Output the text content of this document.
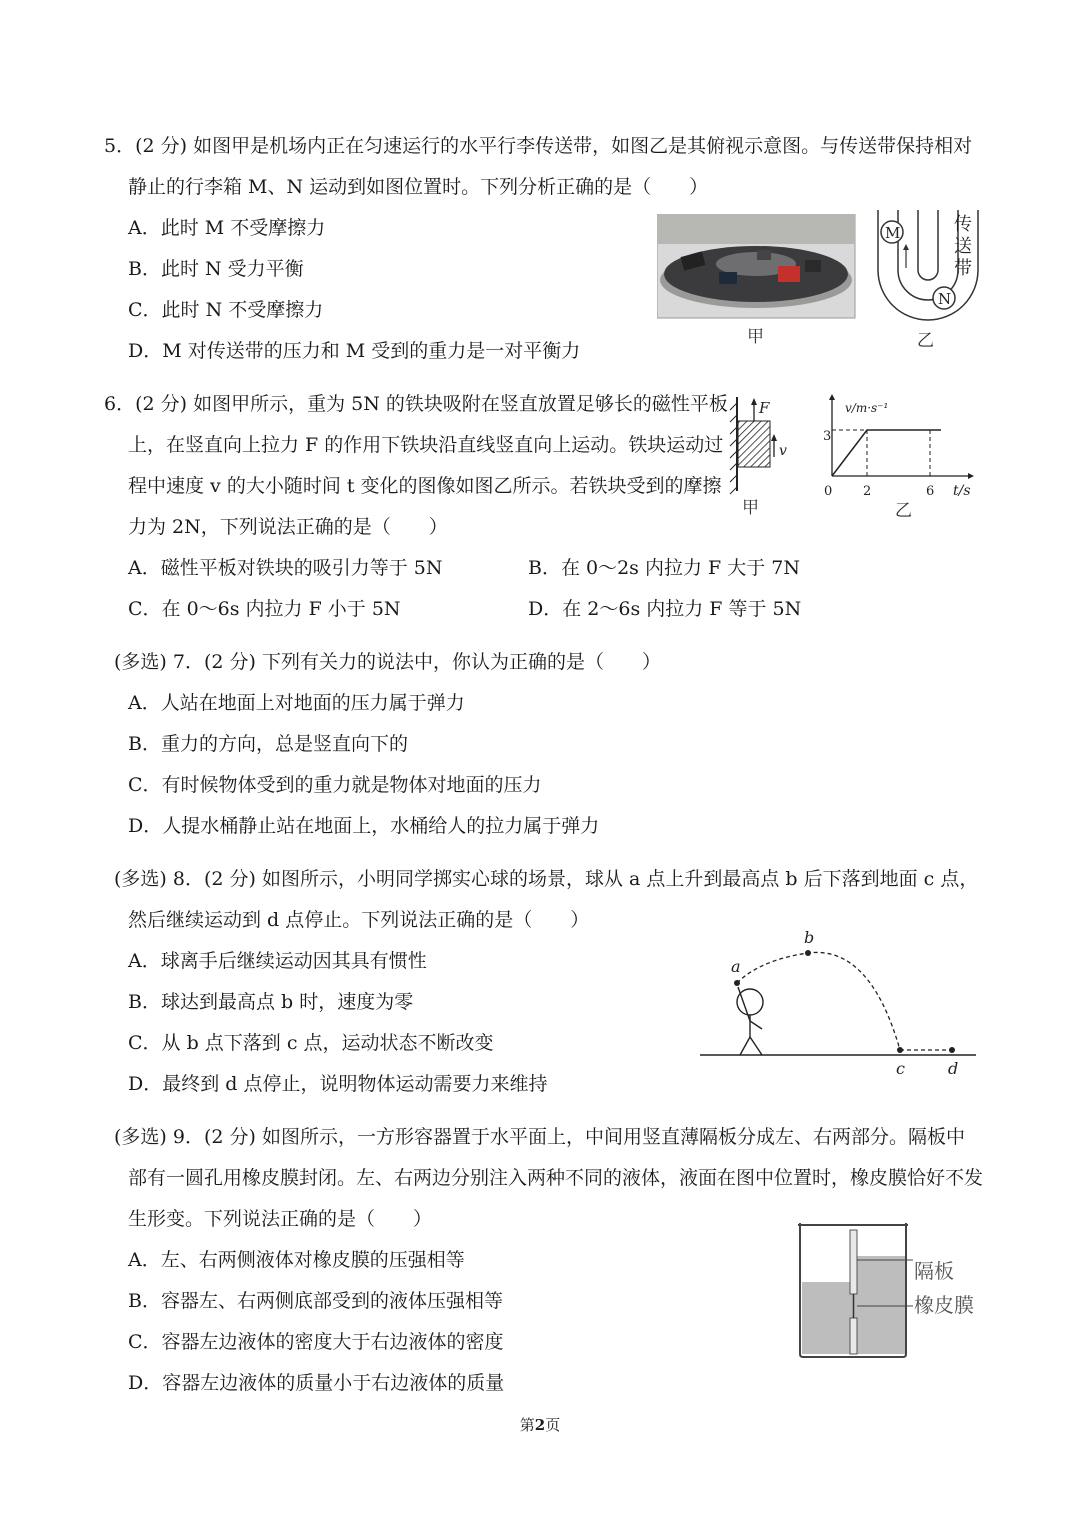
5．(2 分) 如图甲是机场内正在匀速运行的水平行李传送带，如图乙是其俯视示意图。与传送带保持相对
静止的行李箱 M、N 运动到如图位置时。下列分析正确的是（　　）
A．此时 M 不受摩擦力
B．此时 N 受力平衡
C．此时 N 不受摩擦力
D．M 对传送带的压力和 M 受到的重力是一对平衡力
甲
M
N
传
送
带
乙
6．(2 分) 如图甲所示，重为 5N 的铁块吸附在竖直放置足够长的磁性平板
上，在竖直向上拉力 F 的作用下铁块沿直线竖直向上运动。铁块运动过
程中速度 v 的大小随时间 t 变化的图像如图乙所示。若铁块受到的摩擦
力为 2N，下列说法正确的是（　　）
A．磁性平板对铁块的吸引力等于 5N	B．在 0～2s 内拉力 F 大于 7N
C．在 0～6s 内拉力 F 小于 5N	D．在 2～6s 内拉力 F 等于 5N
F
v
甲
v/m·s⁻¹
t/s
3
0 2	6
乙
(多选) 7．(2 分) 下列有关力的说法中，你认为正确的是（　　）
A．人站在地面上对地面的压力属于弹力
B．重力的方向，总是竖直向下的
C．有时候物体受到的重力就是物体对地面的压力
D．人提水桶静止站在地面上，水桶给人的拉力属于弹力
(多选) 8．(2 分) 如图所示，小明同学掷实心球的场景，球从 a 点上升到最高点 b 后下落到地面 c 点，
然后继续运动到 d 点停止。下列说法正确的是（　　）
A．球离手后继续运动因其具有惯性
B．球达到最高点 b 时，速度为零
C．从 b 点下落到 c 点，运动状态不断改变
D．最终到 d 点停止，说明物体运动需要力来维持
a
b
c	d
(多选) 9．(2 分) 如图所示，一方形容器置于水平面上，中间用竖直薄隔板分成左、右两部分。隔板中
部有一圆孔用橡皮膜封闭。左、右两边分别注入两种不同的液体，液面在图中位置时，橡皮膜恰好不发
生形变。下列说法正确的是（　　）
A．左、右两侧液体对橡皮膜的压强相等
B．容器左、右两侧底部受到的液体压强相等
C．容器左边液体的密度大于右边液体的密度
D．容器左边液体的质量小于右边液体的质量
隔板
橡皮膜
第2页
